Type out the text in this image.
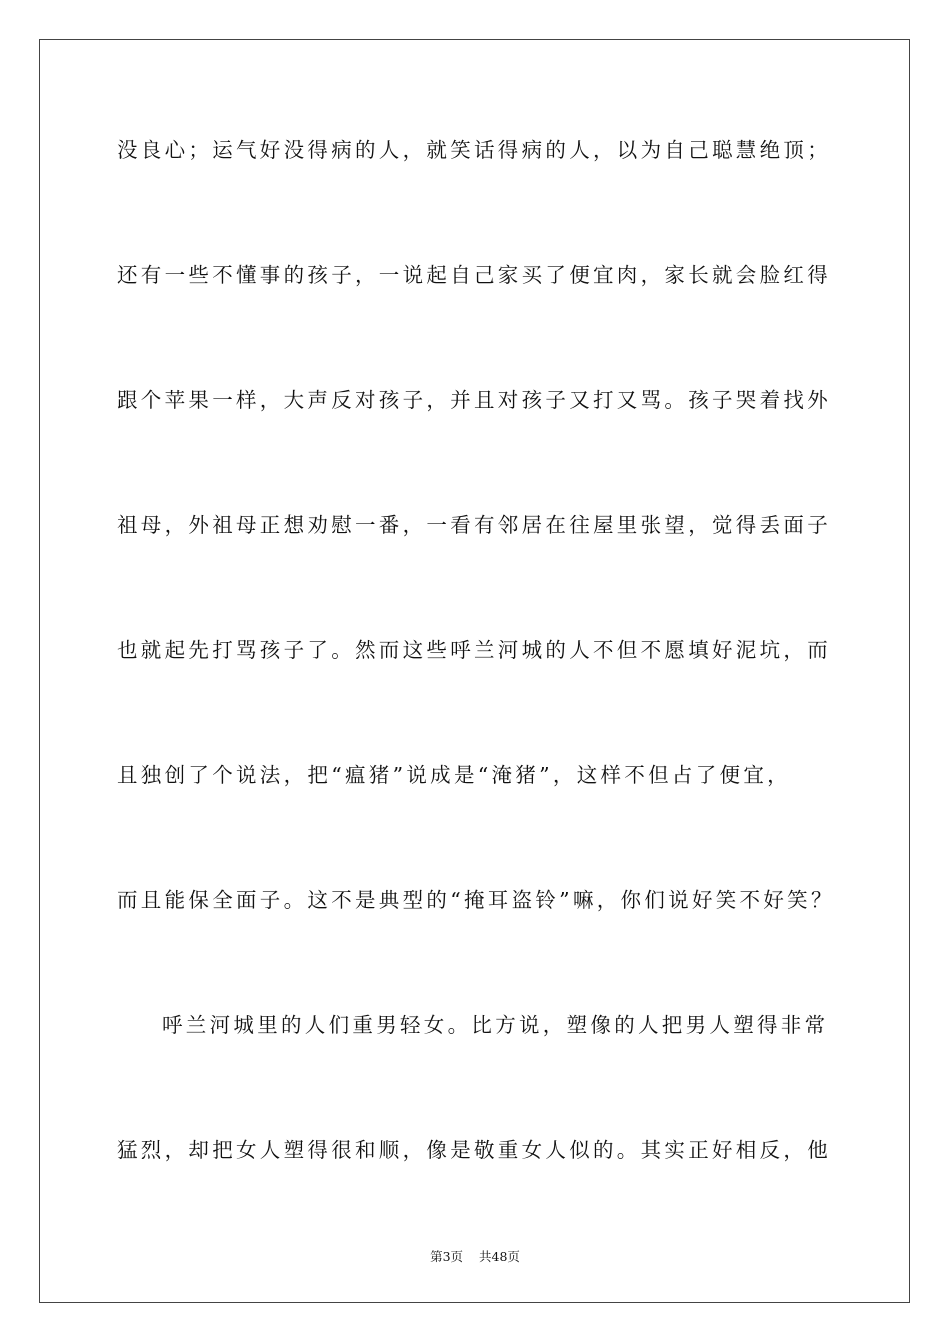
没良心；运气好没得病的人，就笑话得病的人，以为自己聪慧绝顶；
还有一些不懂事的孩子，一说起自己家买了便宜肉，家长就会脸红得
跟个苹果一样，大声反对孩子，并且对孩子又打又骂。孩子哭着找外
祖母，外祖母正想劝慰一番，一看有邻居在往屋里张望，觉得丢面子
也就起先打骂孩子了。然而这些呼兰河城的人不但不愿填好泥坑，而
且独创了个说法，把“瘟猪”说成是“淹猪”，这样不但占了便宜，
而且能保全面子。这不是典型的“掩耳盗铃”嘛，你们说好笑不好笑？
呼兰河城里的人们重男轻女。比方说，塑像的人把男人塑得非常
猛烈，却把女人塑得很和顺，像是敬重女人似的。其实正好相反，他
第3页 共48页
